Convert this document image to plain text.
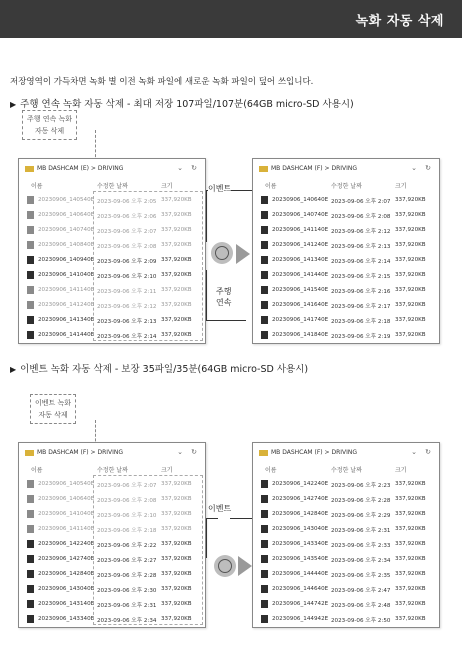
녹화 자동 삭제
저장영역이 가득차면 녹화 별 이전 녹화 파일에 새로운 녹화 파일이 덮어 쓰입니다.
▶ 주행 연속 녹화 자동 삭제 - 최대 저장 107파일/107분(64GB micro-SD 사용시)
주행 연속 녹화
자동 삭제
MB DASHCAM (E) > DRIVING	⌄ ↻
이름	수정한 날짜	크기
20230906_140540E 2023-09-06 오후 2:05 337,920KB
20230906_140640E 2023-09-06 오후 2:06 337,920KB
20230906_140740E 2023-09-06 오후 2:07 337,920KB
20230906_140840E 2023-09-06 오후 2:08 337,920KB
20230906_140940E 2023-09-06 오후 2:09 337,920KB
20230906_141040E 2023-09-06 오후 2:10 337,920KB
20230906_141140E 2023-09-06 오후 2:11 337,920KB
20230906_141240E 2023-09-06 오후 2:12 337,920KB
20230906_141340E 2023-09-06 오후 2:13 337,920KB
20230906_141440E 2023-09-06 오후 2:14 337,920KB
이벤트
주행
연속
MB DASHCAM (F) > DRIVING	⌄ ↻
이름	수정한 날짜	크기
20230906_140640E 2023-09-06 오후 2:07 337,920KB
20230906_140740E 2023-09-06 오후 2:08 337,920KB
20230906_141140E 2023-09-06 오후 2:12 337,920KB
20230906_141240E 2023-09-06 오후 2:13 337,920KB
20230906_141340E 2023-09-06 오후 2:14 337,920KB
20230906_141440E 2023-09-06 오후 2:15 337,920KB
20230906_141540E 2023-09-06 오후 2:16 337,920KB
20230906_141640E 2023-09-06 오후 2:17 337,920KB
20230906_141740E 2023-09-06 오후 2:18 337,920KB
20230906_141840E 2023-09-06 오후 2:19 337,920KB
▶ 이벤트 녹화 자동 삭제 - 보장 35파일/35분(64GB micro-SD 사용시)
이벤트 녹화
자동 삭제
MB DASHCAM (F) > DRIVING	⌄ ↻
이름	수정한 날짜	크기
20230906_140540E 2023-09-06 오후 2:07 337,920KB
20230906_140640E 2023-09-06 오후 2:08 337,920KB
20230906_141040E 2023-09-06 오후 2:10 337,920KB
20230906_141140E 2023-09-06 오후 2:18 337,920KB
20230906_142240E 2023-09-06 오후 2:22 337,920KB
20230906_142740E 2023-09-06 오후 2:27 337,920KB
20230906_142840E 2023-09-06 오후 2:28 337,920KB
20230906_143040E 2023-09-06 오후 2:30 337,920KB
20230906_143140E 2023-09-06 오후 2:31 337,920KB
20230906_143340E 2023-09-06 오후 2:34 337,920KB
이벤트
MB DASHCAM (F) > DRIVING	⌄ ↻
이름	수정한 날짜	크기
20230906_142240E 2023-09-06 오후 2:23 337,920KB
20230906_142740E 2023-09-06 오후 2:28 337,920KB
20230906_142840E 2023-09-06 오후 2:29 337,920KB
20230906_143040E 2023-09-06 오후 2:31 337,920KB
20230906_143340E 2023-09-06 오후 2:33 337,920KB
20230906_143540E 2023-09-06 오후 2:34 337,920KB
20230906_144440E 2023-09-06 오후 2:35 337,920KB
20230906_144640E 2023-09-06 오후 2:47 337,920KB
20230906_144742E 2023-09-06 오후 2:48 337,920KB
20230906_144942E 2023-09-06 오후 2:50 337,920KB
